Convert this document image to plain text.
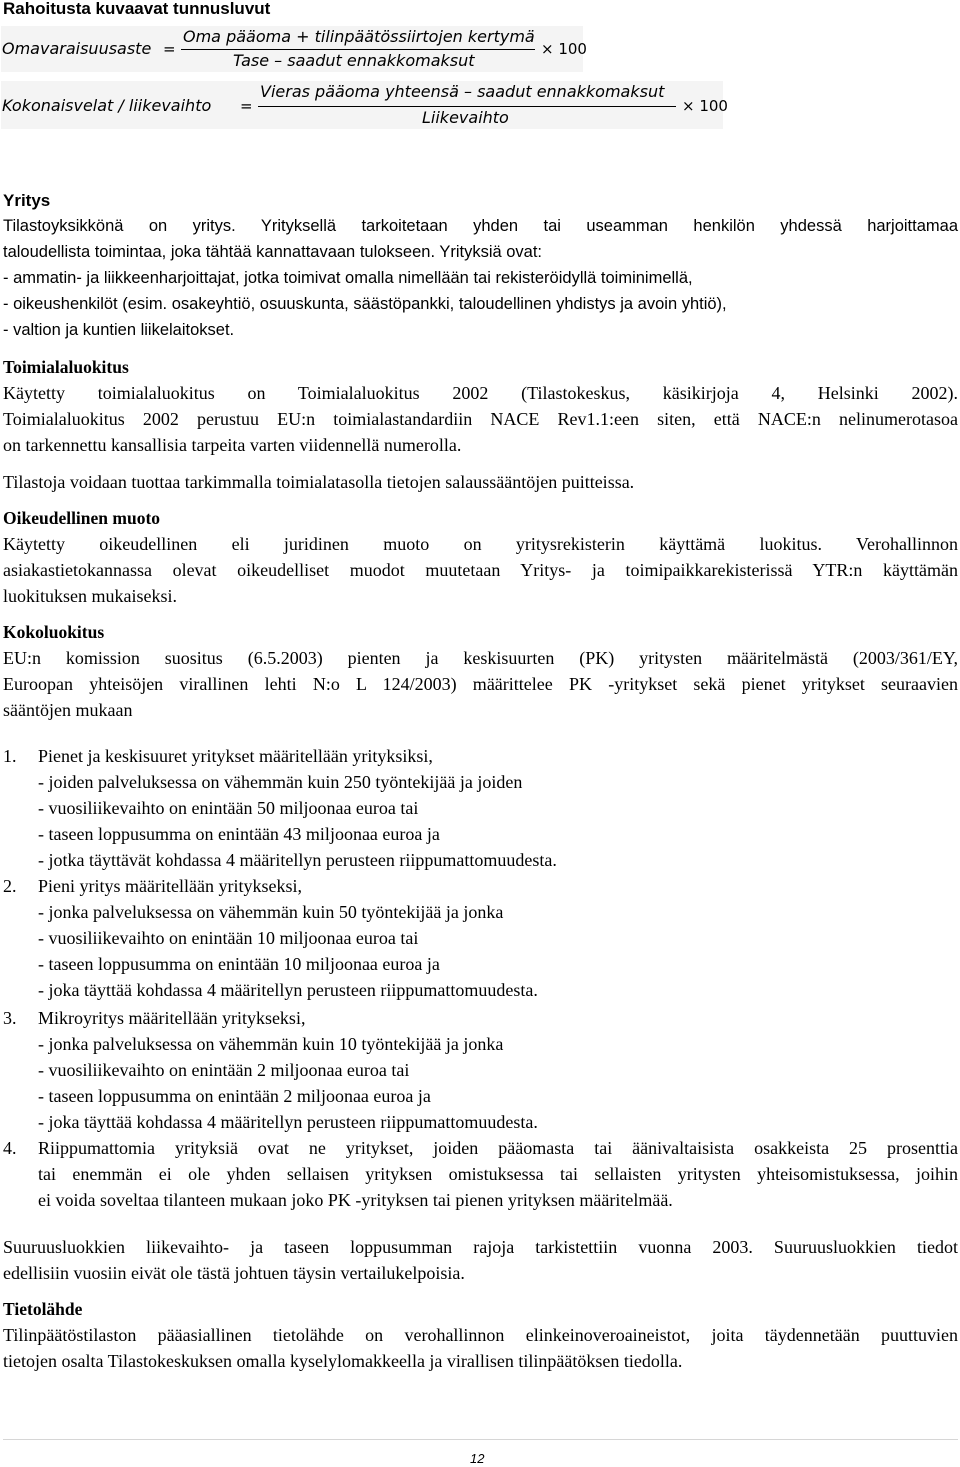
Rahoitusta kuvaavat tunnusluvut
Omavaraisuusaste =
Oma pääoma + tilinpäätössiirtojen kertymä
Tase – saadut ennakkomaksut
× 100
Kokonaisvelat / liikevaihto =
Vieras pääoma yhteensä – saadut ennakkomaksut
Liikevaihto
× 100
Yritys
Tilastoyksikkönä on yritys. Yrityksellä tarkoitetaan yhden tai useamman henkilön yhdessä harjoittamaa
taloudellista toimintaa, joka tähtää kannattavaan tulokseen. Yrityksiä ovat:
- ammatin- ja liikkeenharjoittajat, jotka toimivat omalla nimellään tai rekisteröidyllä toiminimellä,
- oikeushenkilöt (esim. osakeyhtiö, osuuskunta, säästöpankki, taloudellinen yhdistys ja avoin yhtiö),
- valtion ja kuntien liikelaitokset.
Toimialaluokitus
Käytetty toimialaluokitus on Toimialaluokitus 2002 (Tilastokeskus, käsikirjoja 4, Helsinki 2002).
Toimialaluokitus 2002 perustuu EU:n toimialastandardiin NACE Rev1.1:een siten, että NACE:n nelinumerotasoa
on tarkennettu kansallisia tarpeita varten viidennellä numerolla.
Tilastoja voidaan tuottaa tarkimmalla toimialatasolla tietojen salaussääntöjen puitteissa.
Oikeudellinen muoto
Käytetty oikeudellinen eli juridinen muoto on yritysrekisterin käyttämä luokitus. Verohallinnon
asiakastietokannassa olevat oikeudelliset muodot muutetaan Yritys- ja toimipaikkarekisterissä YTR:n käyttämän
luokituksen mukaiseksi.
Kokoluokitus
EU:n komission suositus (6.5.2003) pienten ja keskisuurten (PK) yritysten määritelmästä (2003/361/EY,
Euroopan yhteisöjen virallinen lehti N:o L 124/2003) määrittelee PK -yritykset sekä pienet yritykset seuraavien
sääntöjen mukaan
1. Pienet ja keskisuuret yritykset määritellään yrityksiksi,
- joiden palveluksessa on vähemmän kuin 250 työntekijää ja joiden
- vuosiliikevaihto on enintään 50 miljoonaa euroa tai
- taseen loppusumma on enintään 43 miljoonaa euroa ja
- jotka täyttävät kohdassa 4 määritellyn perusteen riippumattomuudesta.
2. Pieni yritys määritellään yritykseksi,
- jonka palveluksessa on vähemmän kuin 50 työntekijää ja jonka
- vuosiliikevaihto on enintään 10 miljoonaa euroa tai
- taseen loppusumma on enintään 10 miljoonaa euroa ja
- joka täyttää kohdassa 4 määritellyn perusteen riippumattomuudesta.
3. Mikroyritys määritellään yritykseksi,
- jonka palveluksessa on vähemmän kuin 10 työntekijää ja jonka
- vuosiliikevaihto on enintään 2 miljoonaa euroa tai
- taseen loppusumma on enintään 2 miljoonaa euroa ja
- joka täyttää kohdassa 4 määritellyn perusteen riippumattomuudesta.
4. Riippumattomia yrityksiä ovat ne yritykset, joiden pääomasta tai äänivaltaisista osakkeista 25 prosenttia
tai enemmän ei ole yhden sellaisen yrityksen omistuksessa tai sellaisten yritysten yhteisomistuksessa, joihin
ei voida soveltaa tilanteen mukaan joko PK -yrityksen tai pienen yrityksen määritelmää.
Suuruusluokkien liikevaihto- ja taseen loppusumman rajoja tarkistettiin vuonna 2003. Suuruusluokkien tiedot
edellisiin vuosiin eivät ole tästä johtuen täysin vertailukelpoisia.
Tietolähde
Tilinpäätöstilaston pääasiallinen tietolähde on verohallinnon elinkeinoveroaineistot, joita täydennetään puuttuvien
tietojen osalta Tilastokeskuksen omalla kyselylomakkeella ja virallisen tilinpäätöksen tiedolla.
12
